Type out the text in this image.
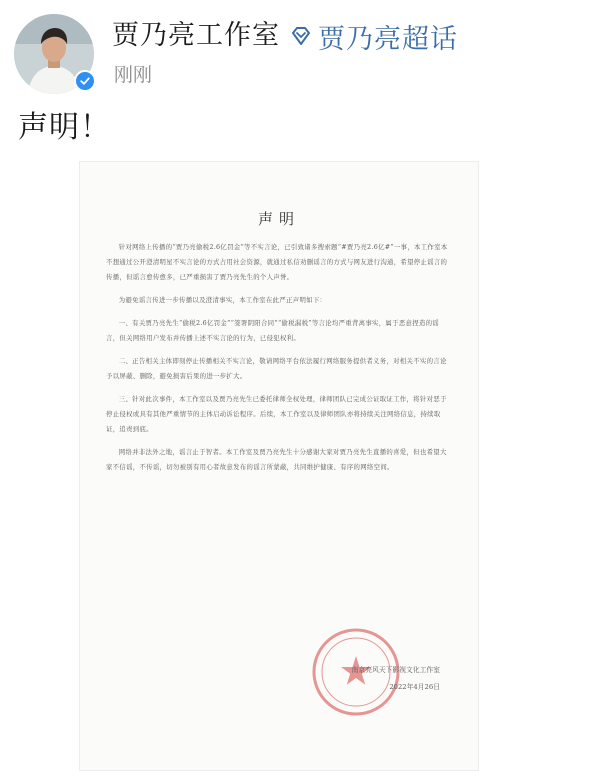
贾乃亮工作室 贾乃亮超话
刚刚
声明！
声明

针对网络上传播的“贾乃亮偷税2.6亿罚金”等不实言论，已引致诸多搜索题“#贾乃亮2.6亿#”一事，本工作室本不想通过公开澄清明星不实言论的方式占用社会资源，就通过私信劝删谣言的方式与网友进行沟通，希望停止谣言的传播，但谣言愈传愈多，已严重损害了贾乃亮先生的个人声誉。

为避免谣言传进一步传播以及澄清事实，本工作室在此严正声明如下：

一、有关贾乃亮先生“偷税2.6亿罚金”“签署阴阳合同”“偷税漏税”等言论均严重背离事实，属于恶意捏造的谣言，但关网络用户发布并传播上述不实言论的行为，已侵犯权利。

二、正告相关主体即刻停止传播相关不实言论，敬请网络平台依法履行网络服务提供者义务，对相关不实的言论予以屏蔽、删除，避免损害后果的进一步扩大。

三、针对此次事件，本工作室以及贾乃亮先生已委托律师全权处理，律师团队已完成公证取证工作，将针对恶于停止侵权或具有其他严重情节的主体启动诉讼程序。后续，本工作室以及律师团队亦将持续关注网络信息，持续取证，追责到底。

网络并非法外之地，谣言止于智者。本工作室及贾乃亮先生十分感谢大家对贾乃亮先生直播的喜爱，但也希望大家不信谣，不传谣，切勿被别有用心者故意发布的谣言所蒙蔽，共同维护健康、有序的网络空间。

南京亮风天下影视文化工作室
2022年4月26日
